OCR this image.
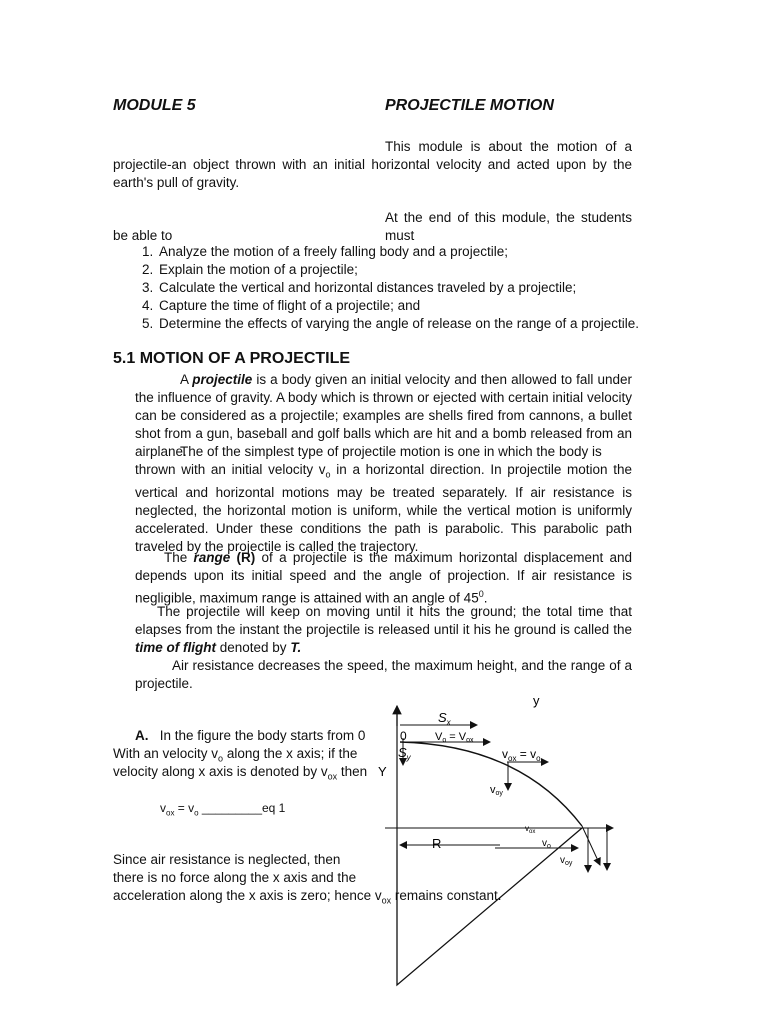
MODULE 5	PROJECTILE MOTION
This module is about the motion of a
projectile-an object thrown with an initial horizontal velocity and acted upon by the earth's pull of gravity.
At the end of this module, the students must
be able to
1. Analyze the motion of a freely falling body and a projectile;
2. Explain the motion of a projectile;
3. Calculate the vertical and horizontal distances traveled by a projectile;
4. Capture the time of flight of a projectile; and
5. Determine the effects of varying the angle of release on the range of a projectile.
5.1 MOTION OF A PROJECTILE
A projectile is a body given an initial velocity and then allowed to fall under the influence of gravity. A body which is thrown or ejected with certain initial velocity can be considered as a projectile; examples are shells fired from cannons, a bullet shot from a gun, baseball and golf balls which are hit and a bomb released from an airplane.
The of the simplest type of projectile motion is one in which the body is
thrown with an initial velocity $v_o$ in a horizontal direction. In projectile motion the vertical and horizontal motions may be treated separately. If air resistance is neglected, the horizontal motion is uniform, while the vertical motion is uniformly accelerated. Under these conditions the path is parabolic. This parabolic path traveled by the projectile is called the trajectory.
The range (R) of a projectile is the maximum horizontal displacement and depends upon its initial speed and the angle of projection. If air resistance is negligible, maximum range is attained with an angle of $45^0$.
The projectile will keep on moving until it hits the ground; the total time that elapses from the instant the projectile is released until it his he ground is called the time of flight denoted by T.
Air resistance decreases the speed, the maximum height, and the range of a projectile.
A. In the figure the body starts from 0
With an velocity $v_o$ along the x axis; if the
velocity along x axis is denoted by $v_{ox}$ then
$v_{ox} = v_o$ _________eq 1
Since air resistance is neglected, then
there is no force along the x axis and the
acceleration along the x axis is zero; hence $v_{ox}$ remains constant.
y
Y
0
$S_x$
$S_y$
Vo = Vox
$v_{ox} = v_o$
voy
R
$v_{ox}$
$v_o$
$v_{oy}$
